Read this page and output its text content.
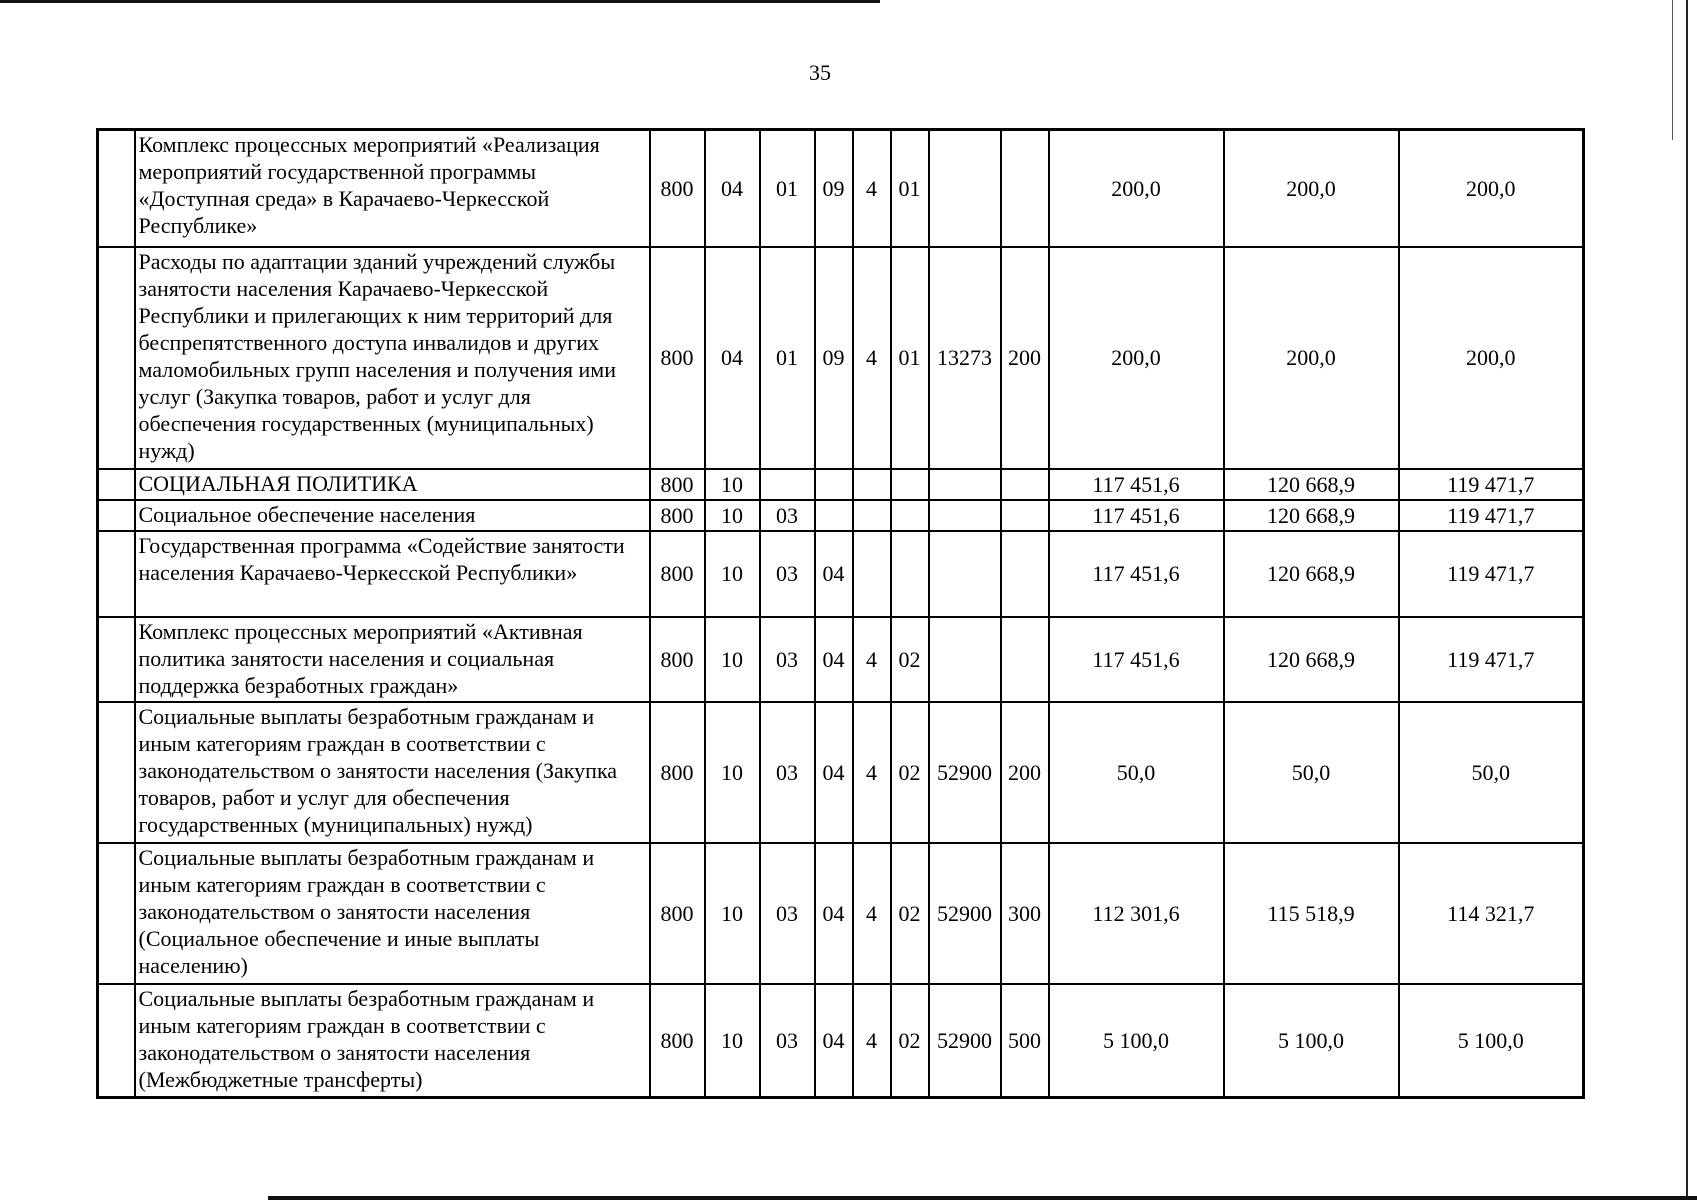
35
	Комплекс процессных мероприятий «Реализация мероприятий государственной программы «Доступная среда» в Карачаево-Черкесской Республике»	800	04	01	09	4	01			200,0	200,0	200,0
	Расходы по адаптации зданий учреждений службы занятости населения Карачаево-Черкесской Республики и прилегающих к ним территорий для беспрепятственного доступа инвалидов и других маломобильных групп населения и получения ими услуг (Закупка товаров, работ и услуг для обеспечения государственных (муниципальных) нужд)	800	04	01	09	4	01	13273	200	200,0	200,0	200,0
	СОЦИАЛЬНАЯ ПОЛИТИКА	800	10							117 451,6	120 668,9	119 471,7
	Социальное обеспечение населения	800	10	03						117 451,6	120 668,9	119 471,7
	Государственная программа «Содействие занятости населения Карачаево-Черкесской Республики»	800	10	03	04					117 451,6	120 668,9	119 471,7
	Комплекс процессных мероприятий «Активная политика занятости населения и социальная поддержка безработных граждан»	800	10	03	04	4	02			117 451,6	120 668,9	119 471,7
	Социальные выплаты безработным гражданам и иным категориям граждан в соответствии с законодательством о занятости населения (Закупка товаров, работ и услуг для обеспечения государственных (муниципальных) нужд)	800	10	03	04	4	02	52900	200	50,0	50,0	50,0
	Социальные выплаты безработным гражданам и иным категориям граждан в соответствии с законодательством о занятости населения (Социальное обеспечение и иные выплаты населению)	800	10	03	04	4	02	52900	300	112 301,6	115 518,9	114 321,7
	Социальные выплаты безработным гражданам и иным категориям граждан в соответствии с законодательством о занятости населения (Межбюджетные трансферты)	800	10	03	04	4	02	52900	500	5 100,0	5 100,0	5 100,0
